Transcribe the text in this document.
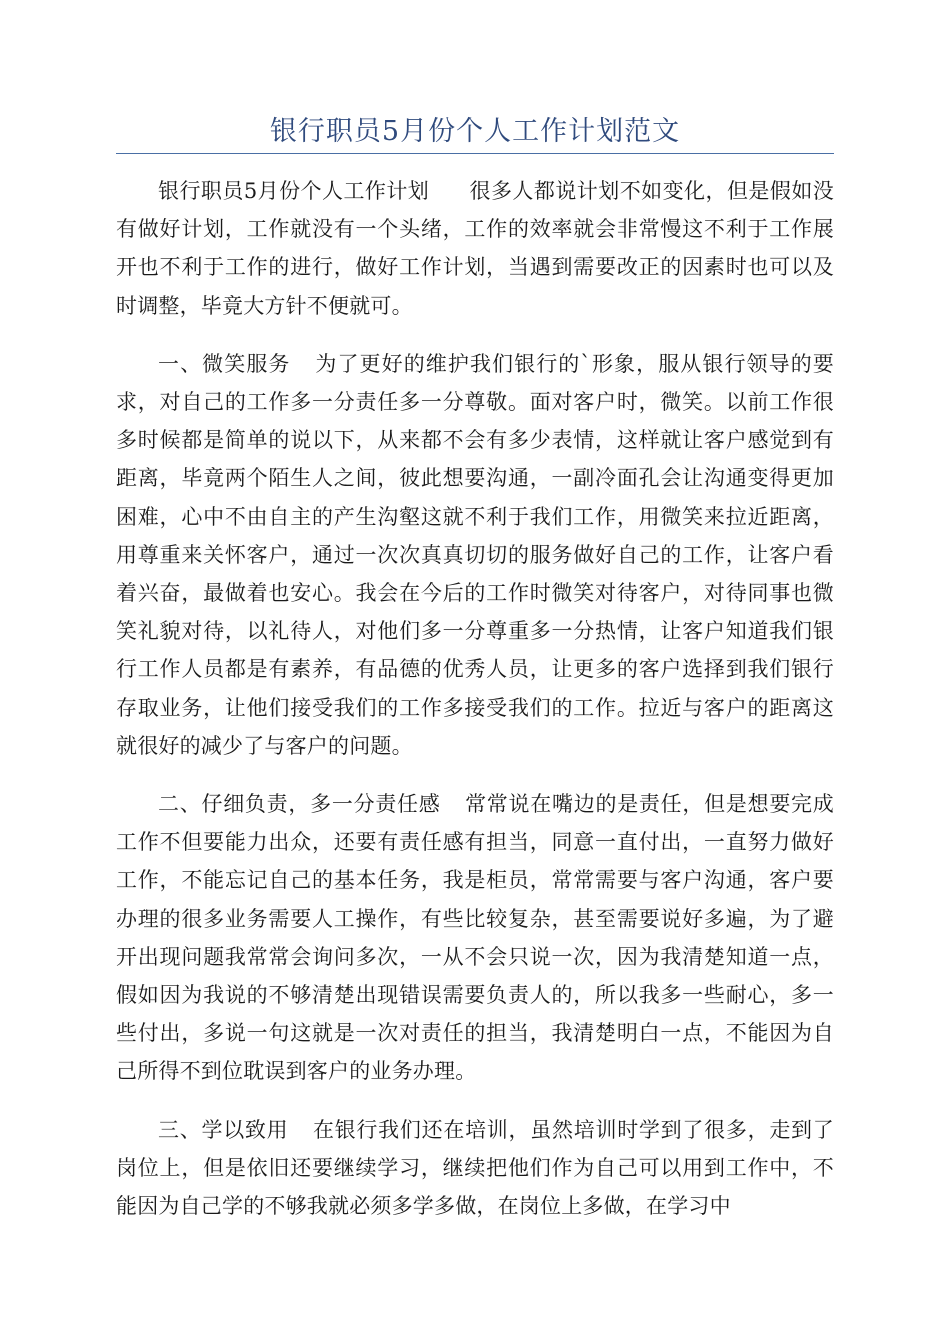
银行职员5月份个人工作计划范文

银行职员5月份个人工作计划 很多人都说计划不如变化，但是假如没有做好计划，工作就没有一个头绪，工作的效率就会非常慢这不利于工作展开也不利于工作的进行，做好工作计划，当遇到需要改正的因素时也可以及时调整，毕竟大方针不便就可。

一、微笑服务 为了更好的维护我们银行的`形象，服从银行领导的要求，对自己的工作多一分责任多一分尊敬。面对客户时，微笑。以前工作很多时候都是简单的说以下，从来都不会有多少表情，这样就让客户感觉到有距离，毕竟两个陌生人之间，彼此想要沟通，一副冷面孔会让沟通变得更加困难，心中不由自主的产生沟壑这就不利于我们工作，用微笑来拉近距离，用尊重来关怀客户，通过一次次真真切切的服务做好自己的工作，让客户看着兴奋，最做着也安心。我会在今后的工作时微笑对待客户，对待同事也微笑礼貌对待，以礼待人，对他们多一分尊重多一分热情，让客户知道我们银行工作人员都是有素养，有品德的优秀人员，让更多的客户选择到我们银行存取业务，让他们接受我们的工作多接受我们的工作。拉近与客户的距离这就很好的减少了与客户的问题。

二、仔细负责，多一分责任感 常常说在嘴边的是责任，但是想要完成工作不但要能力出众，还要有责任感有担当，同意一直付出，一直努力做好工作，不能忘记自己的基本任务，我是柜员，常常需要与客户沟通，客户要办理的很多业务需要人工操作，有些比较复杂，甚至需要说好多遍，为了避开出现问题我常常会询问多次，一从不会只说一次，因为我清楚知道一点，假如因为我说的不够清楚出现错误需要负责人的，所以我多一些耐心，多一些付出，多说一句这就是一次对责任的担当，我清楚明白一点，不能因为自己所得不到位耽误到客户的业务办理。

三、学以致用 在银行我们还在培训，虽然培训时学到了很多，走到了岗位上，但是依旧还要继续学习，继续把他们作为自己可以用到工作中，不能因为自己学的不够我就必须多学多做，在岗位上多做，在学习中
